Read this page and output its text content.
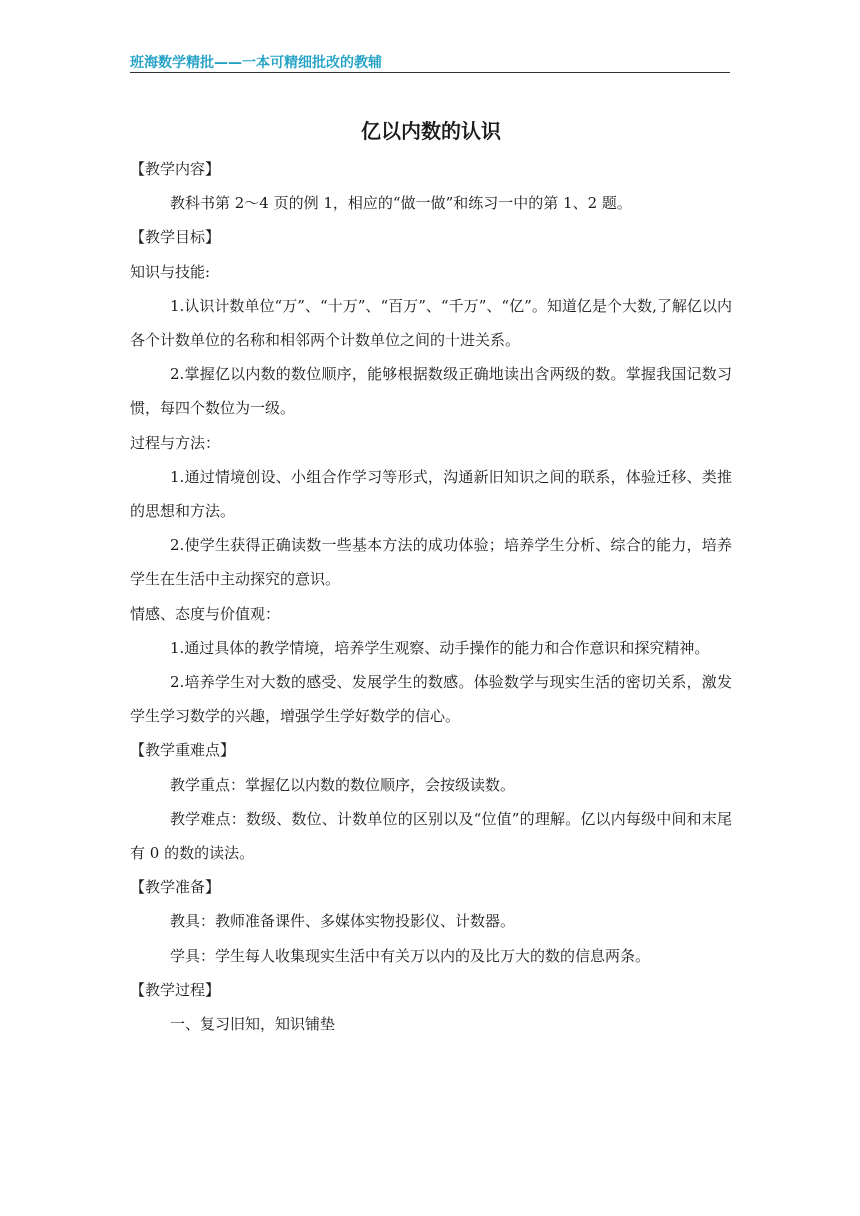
班海数学精批——一本可精细批改的教辅
亿以内数的认识
【教学内容】
教科书第 2～4 页的例 1，相应的“做一做”和练习一中的第 1、2 题。
【教学目标】
知识与技能:
1.认识计数单位“万”、“十万”、“百万”、“千万”、“亿”。知道亿是个大数,了解亿以内各个计数单位的名称和相邻两个计数单位之间的十进关系。
2.掌握亿以内数的数位顺序，能够根据数级正确地读出含两级的数。掌握我国记数习惯，每四个数位为一级。
过程与方法：
1.通过情境创设、小组合作学习等形式，沟通新旧知识之间的联系，体验迁移、类推的思想和方法。
2.使学生获得正确读数一些基本方法的成功体验；培养学生分析、综合的能力，培养学生在生活中主动探究的意识。
情感、态度与价值观：
1.通过具体的教学情境，培养学生观察、动手操作的能力和合作意识和探究精神。
2.培养学生对大数的感受、发展学生的数感。体验数学与现实生活的密切关系，激发学生学习数学的兴趣，增强学生学好数学的信心。
【教学重难点】
教学重点：掌握亿以内数的数位顺序，会按级读数。
教学难点：数级、数位、计数单位的区别以及“位值”的理解。亿以内每级中间和末尾有 0 的数的读法。
【教学准备】
教具：教师准备课件、多媒体实物投影仪、计数器。
学具：学生每人收集现实生活中有关万以内的及比万大的数的信息两条。
【教学过程】
一、复习旧知，知识铺垫
